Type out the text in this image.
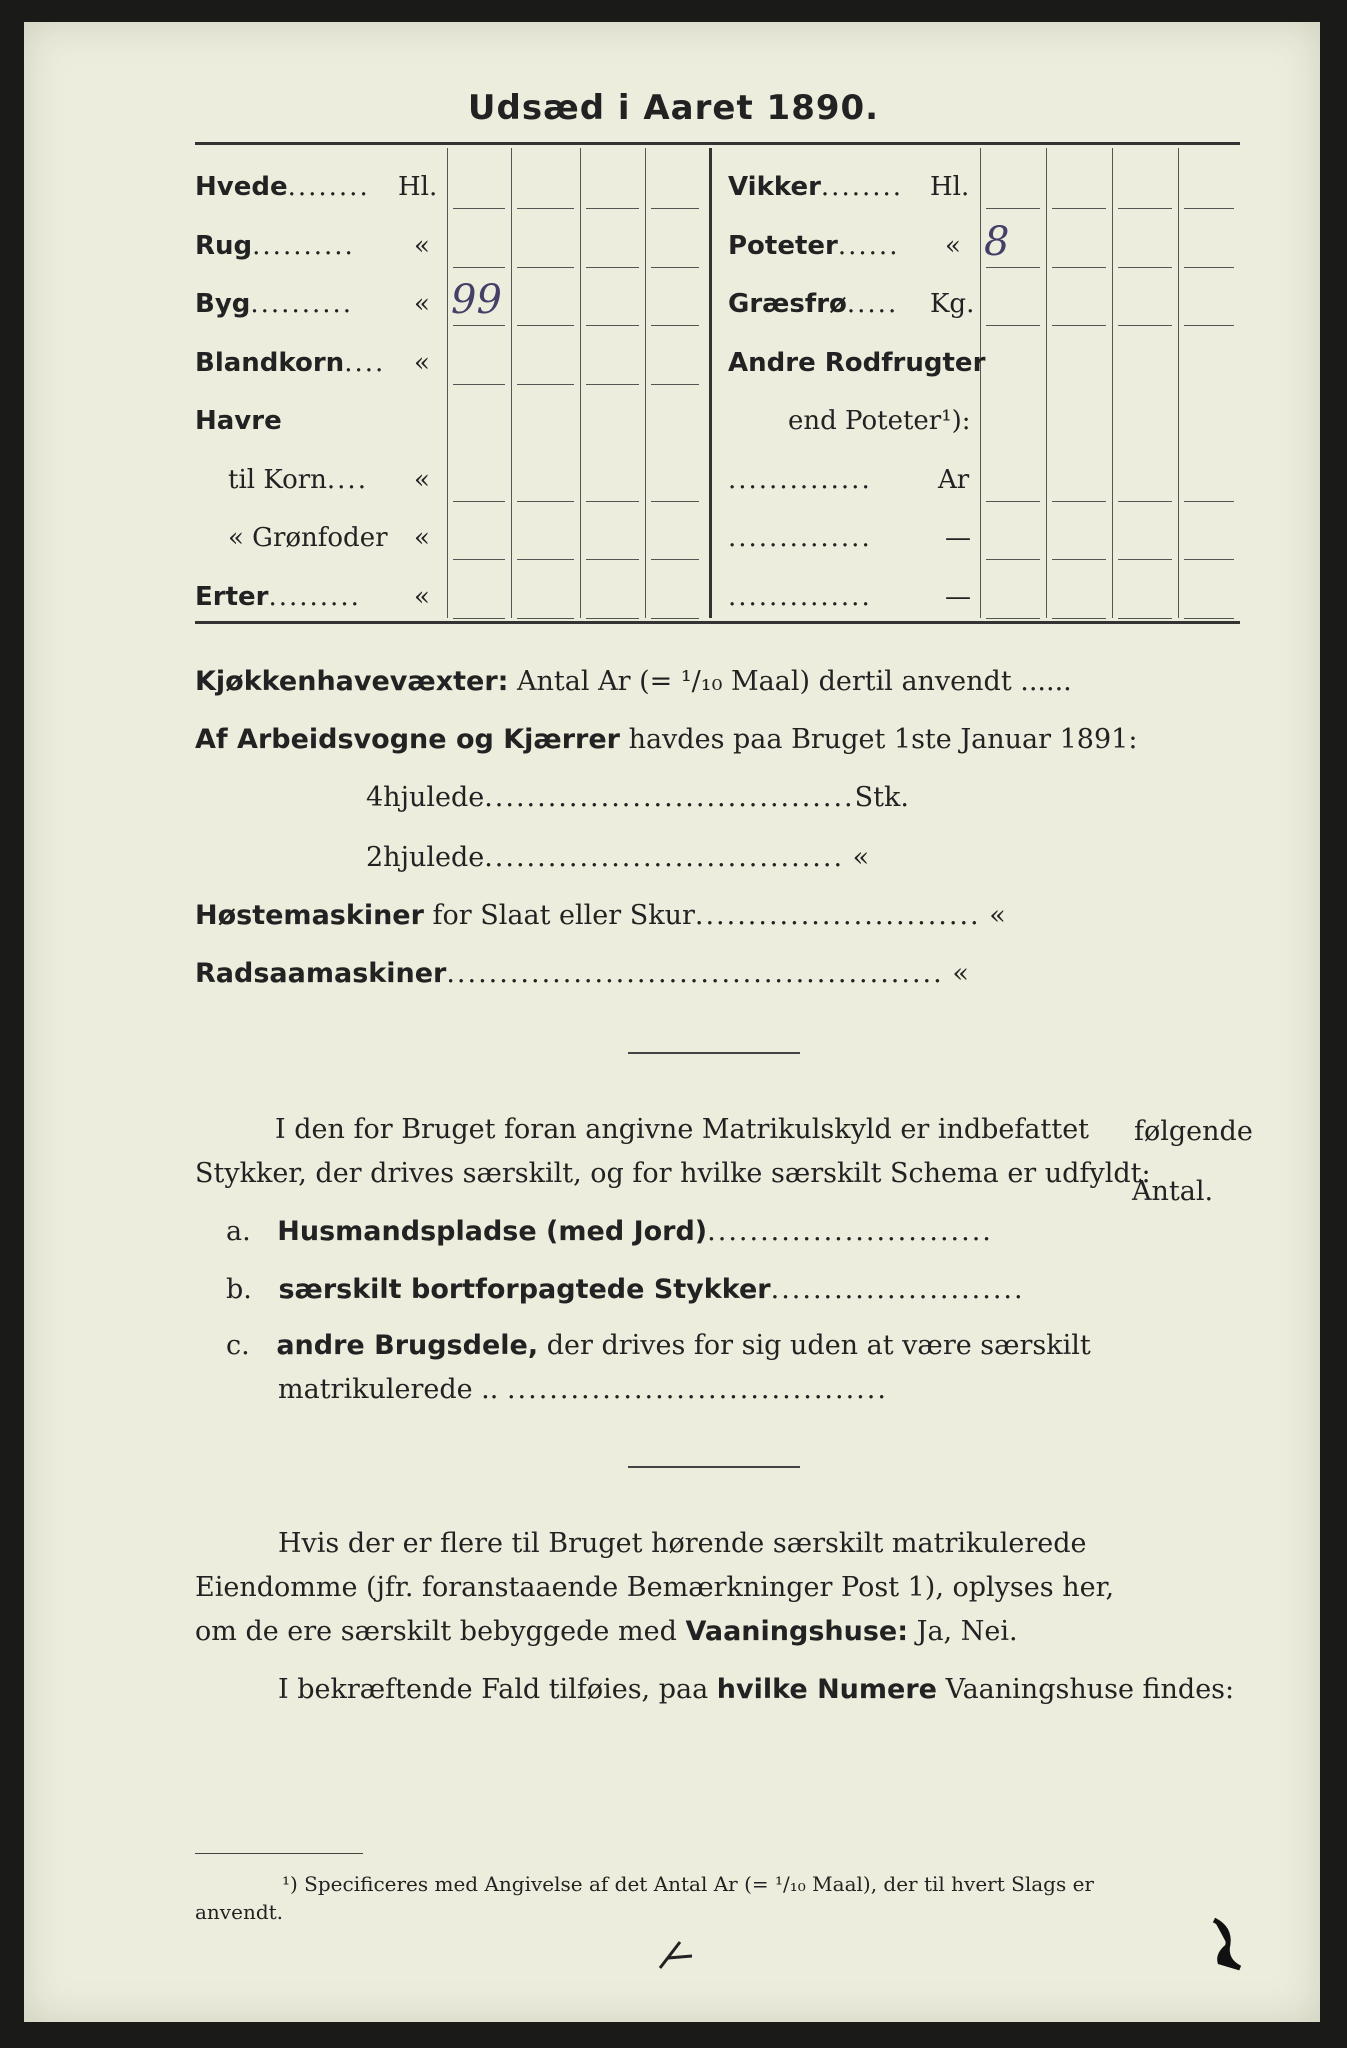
Udsæd i Aaret 1890.
Hvede........ Hl.
Rug.......... «
Byg.......... « 99
Blandkorn.... «
Havre
til Korn.... «
« Grønfoder «
Erter......... «
Vikker........ Hl.
Poteter...... « 8
Græsfrø..... Kg.
Andre Rodfrugter
end Poteter¹):
..............	Ar
..............	—
..............	—
Kjøkkenhavevæxter: Antal Ar (= ¹/₁₀ Maal) dertil anvendt ......
Af Arbeidsvogne og Kjærrer havdes paa Bruget 1ste Januar 1891:
4hjulede...................................Stk.
2hjulede.................................. «
Høstemaskiner for Slaat eller Skur........................... «
Radsaamaskiner............................................... «
I den for Bruget foran angivne Matrikulskyld er indbefattet følgende
Stykker, der drives særskilt, og for hvilke særskilt Schema er udfyldt:
Antal.
a. Husmandspladse (med Jord)...........................
b. særskilt bortforpagtede Stykker........................
c. andre Brugsdele, der drives for sig uden at være særskilt
matrikulerede .. ....................................
Hvis der er flere til Bruget hørende særskilt matrikulerede
Eiendomme (jfr. foranstaaende Bemærkninger Post 1), oplyses her,
om de ere særskilt bebyggede med Vaaningshuse: Ja, Nei.
I bekræftende Fald tilføies, paa hvilke Numere Vaaningshuse findes:
¹) Specificeres med Angivelse af det Antal Ar (= ¹/₁₀ Maal), der til hvert Slags er
anvendt.
